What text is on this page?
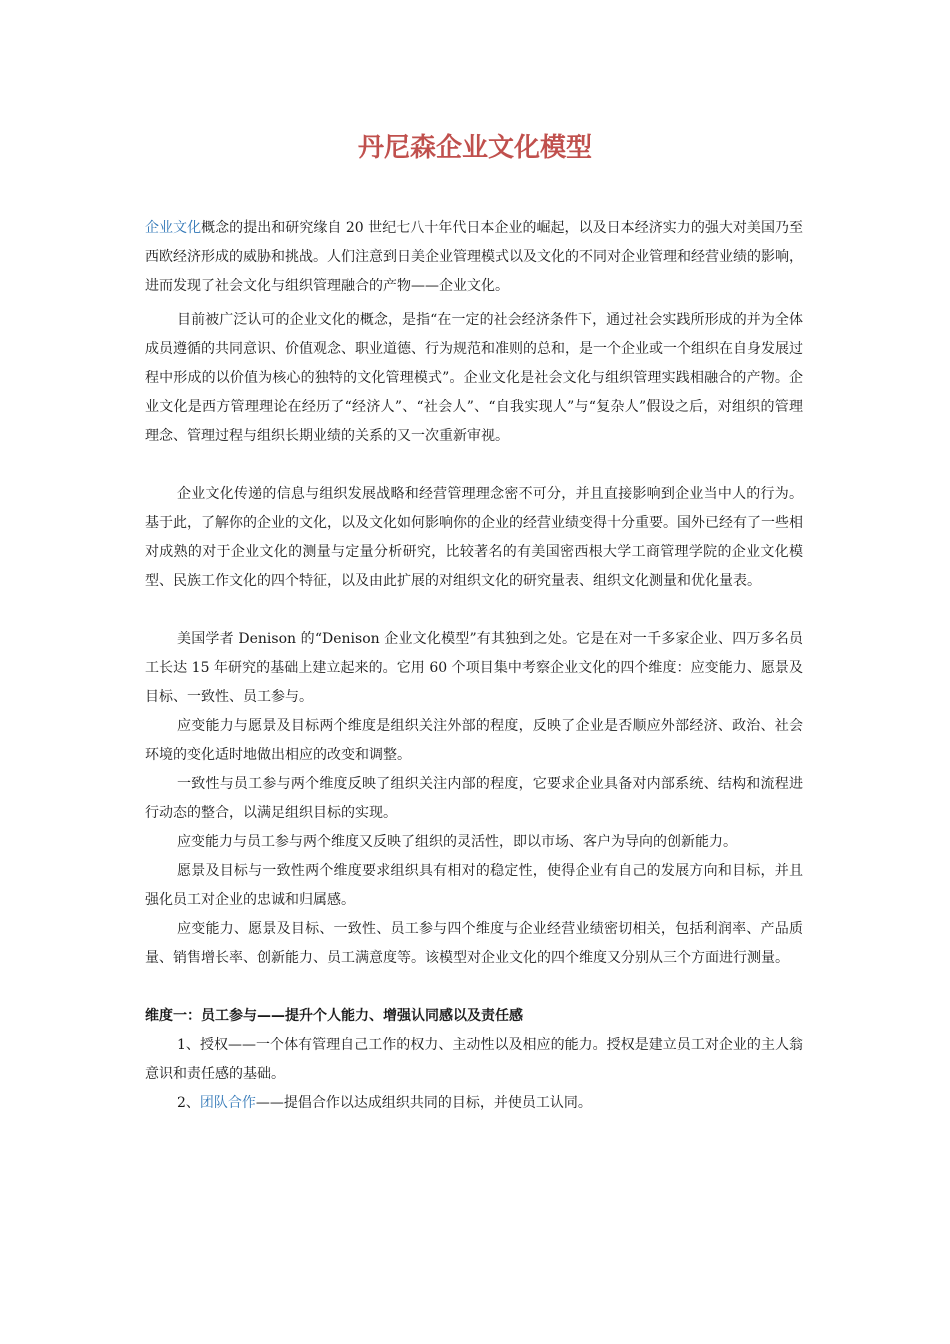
丹尼森企业文化模型

企业文化概念的提出和研究缘自 20 世纪七八十年代日本企业的崛起，以及日本经济实力的强大对美国乃至西欧经济形成的威胁和挑战。人们注意到日美企业管理模式以及文化的不同对企业管理和经营业绩的影响，进而发现了社会文化与组织管理融合的产物——企业文化。

目前被广泛认可的企业文化的概念，是指“在一定的社会经济条件下，通过社会实践所形成的并为全体成员遵循的共同意识、价值观念、职业道德、行为规范和准则的总和，是一个企业或一个组织在自身发展过程中形成的以价值为核心的独特的文化管理模式”。企业文化是社会文化与组织管理实践相融合的产物。企业文化是西方管理理论在经历了“经济人”、“社会人”、“自我实现人”与“复杂人”假设之后，对组织的管理理念、管理过程与组织长期业绩的关系的又一次重新审视。

企业文化传递的信息与组织发展战略和经营管理理念密不可分，并且直接影响到企业当中人的行为。基于此，了解你的企业的文化，以及文化如何影响你的企业的经营业绩变得十分重要。国外已经有了一些相对成熟的对于企业文化的测量与定量分析研究，比较著名的有美国密西根大学工商管理学院的企业文化模型、民族工作文化的四个特征，以及由此扩展的对组织文化的研究量表、组织文化测量和优化量表。

美国学者 Denison 的“Denison 企业文化模型”有其独到之处。它是在对一千多家企业、四万多名员工长达 15 年研究的基础上建立起来的。它用 60 个项目集中考察企业文化的四个维度：应变能力、愿景及目标、一致性、员工参与。

应变能力与愿景及目标两个维度是组织关注外部的程度，反映了企业是否顺应外部经济、政治、社会环境的变化适时地做出相应的改变和调整。

一致性与员工参与两个维度反映了组织关注内部的程度，它要求企业具备对内部系统、结构和流程进行动态的整合，以满足组织目标的实现。

应变能力与员工参与两个维度又反映了组织的灵活性，即以市场、客户为导向的创新能力。

愿景及目标与一致性两个维度要求组织具有相对的稳定性，使得企业有自己的发展方向和目标，并且强化员工对企业的忠诚和归属感。

应变能力、愿景及目标、一致性、员工参与四个维度与企业经营业绩密切相关，包括利润率、产品质量、销售增长率、创新能力、员工满意度等。该模型对企业文化的四个维度又分别从三个方面进行测量。

维度一：员工参与——提升个人能力、增强认同感以及责任感

1、授权——一个体有管理自己工作的权力、主动性以及相应的能力。授权是建立员工对企业的主人翁意识和责任感的基础。

2、团队合作——提倡合作以达成组织共同的目标，并使员工认同。
